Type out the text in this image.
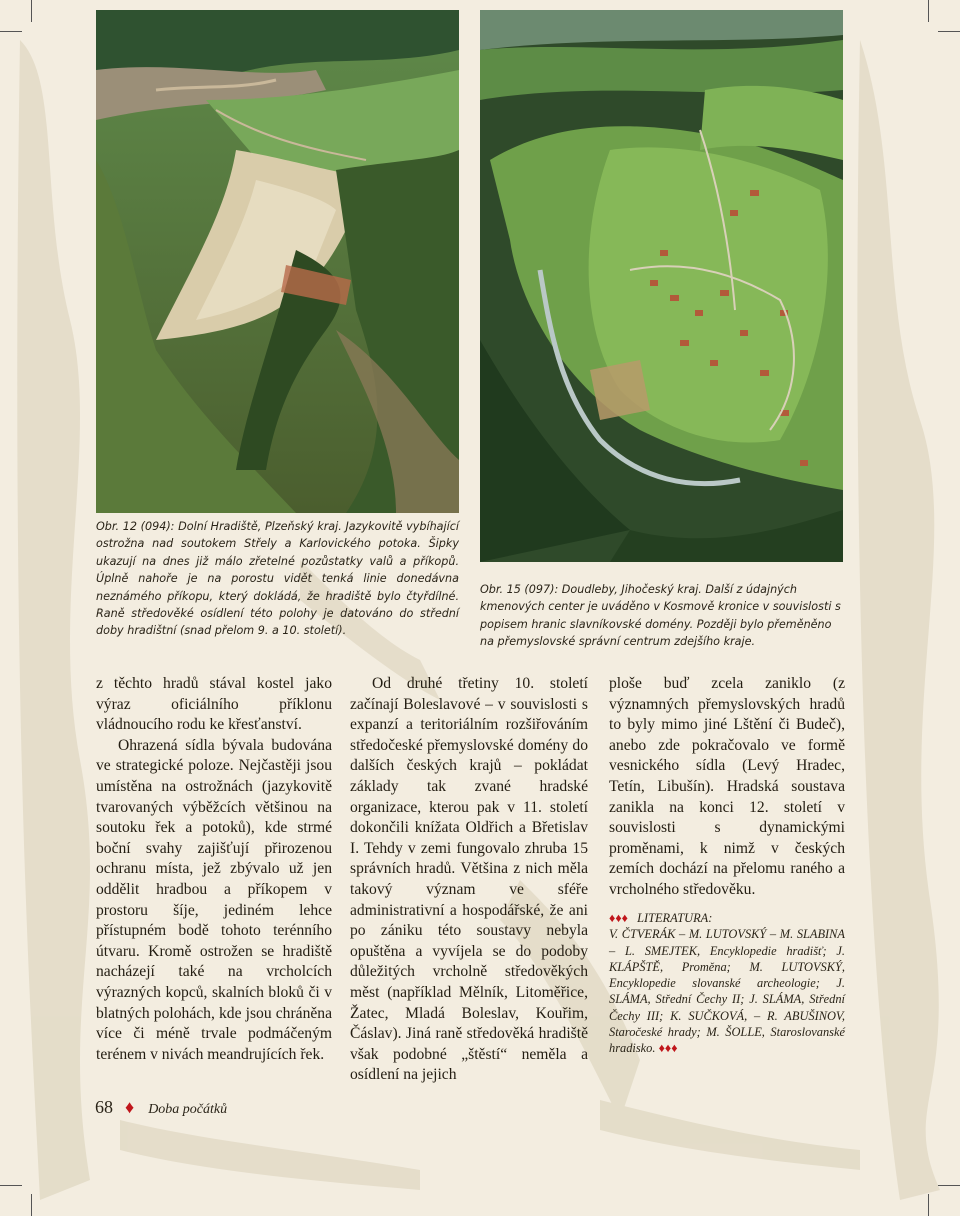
Obr. 12 (094): Dolní Hradiště, Plzeňský kraj. Jazykovitě vybíhající ostrožna nad soutokem Střely a Karlovického potoka. Šipky ukazují na dnes již málo zřetelné pozůstatky valů a příkopů. Úplně nahoře je na porostu vidět tenká linie donedávna neznámého příkopu, který dokládá, že hradiště bylo čtyřdílné. Raně středověké osídlení této polohy je datováno do střední doby hradištní (snad přelom 9. a 10. století).
Obr. 15 (097): Doudleby, Jihočeský kraj. Další z údajných kmenových center je uváděno v Kosmově kronice v souvislosti s popisem hranic slavníkovské domény. Později bylo přeměněno na přemyslovské správní centrum zdejšího kraje.

z těchto hradů stával kostel jako výraz oficiálního příklonu vládnoucího rodu ke křesťanství.

Ohrazená sídla bývala budována ve strategické poloze. Nejčastěji jsou umístěna na ostrožnách (jazykovitě tvarovaných výběžcích většinou na soutoku řek a potoků), kde strmé boční svahy zajišťují přirozenou ochranu místa, jež zbývalo už jen oddělit hradbou a příkopem v prostoru šíje, jediném lehce přístupném bodě tohoto terénního útvaru. Kromě ostrožen se hradiště nacházejí také na vrcholcích výrazných kopců, skalních bloků či v blatných polohách, kde jsou chráněna více či méně trvale podmáčeným terénem v nivách meandrujících řek.

Od druhé třetiny 10. století začínají Boleslavové – v souvislosti s expanzí a teritoriálním rozšiřováním středočeské přemyslovské domény do dalších českých krajů – pokládat základy tak zvané hradské organizace, kterou pak v 11. století dokončili knížata Oldřich a Břetislav I. Tehdy v zemi fungovalo zhruba 15 správních hradů. Většina z nich měla takový význam ve sféře administrativní a hospodářské, že ani po zániku této soustavy nebyla opuštěna a vyvíjela se do podoby důležitých vrcholně středověkých měst (například Mělník, Litoměřice, Žatec, Mladá Boleslav, Kouřim, Čáslav). Jiná raně středověká hradiště však podobné „štěstí“ neměla a osídlení na jejich

ploše buď zcela zaniklo (z významných přemyslovských hradů to byly mimo jiné Lštění či Budeč), anebo zde pokračovalo ve formě vesnického sídla (Levý Hradec, Tetín, Libušín). Hradská soustava zanikla na konci 12. století v souvislosti s dynamickými proměnami, k nimž v českých zemích dochází na přelomu raného a vrcholného středověku.

♦♦♦ LITERATURA:
V. ČTVERÁK – M. LUTOVSKÝ – M. SLABINA – L. SMEJTEK, Encyklopedie hradišť; J. KLÁPŠTĚ, Proměna; M. LUTOVSKÝ, Encyklopedie slovanské archeologie; J. SLÁMA, Střední Čechy II; J. SLÁMA, Střední Čechy III; K. SUČKOVÁ, – R. ABUŠINOV, Staročeské hrady; M. ŠOLLE, Staroslovanské hradisko. ♦♦♦
68 ♦ Doba počátků
